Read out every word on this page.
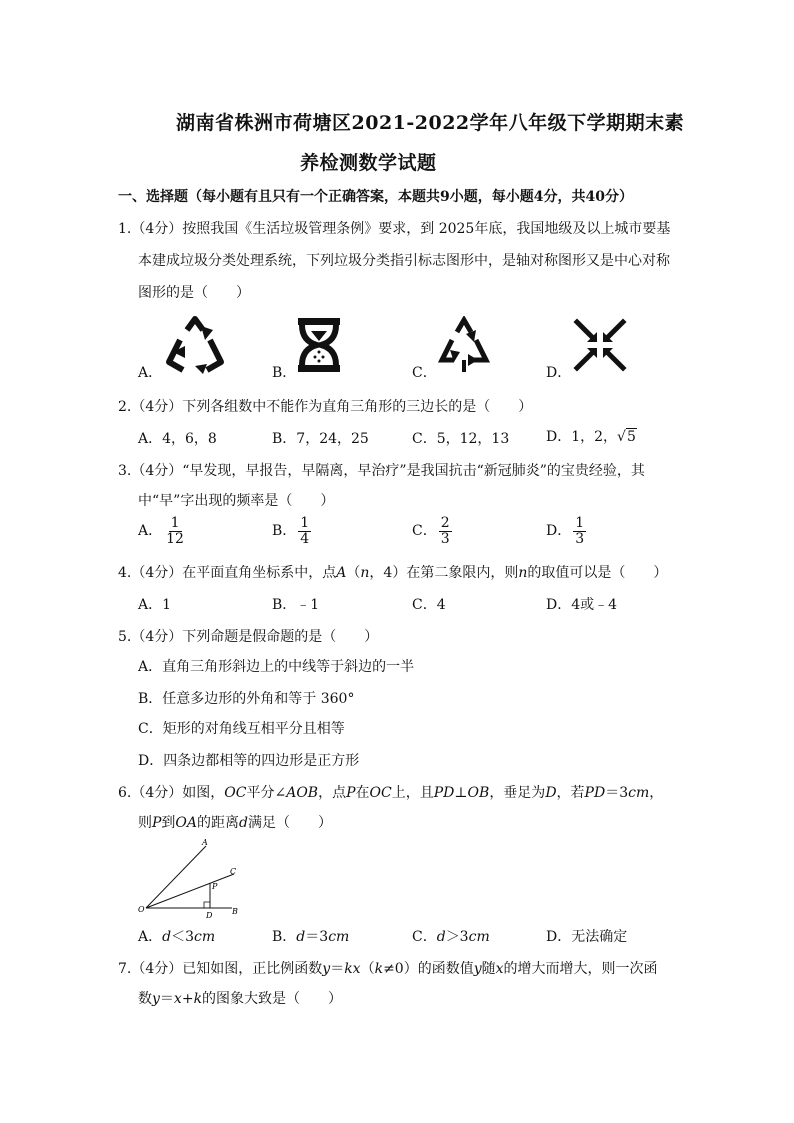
湖南省株洲市荷塘区2021-2022学年八年级下学期期末素
养检测数学试题
一、选择题（每小题有且只有一个正确答案，本题共9小题，每小题4分，共40分）
1.（4分）按照我国《生活垃圾管理条例》要求，到 2025年底，我国地级及以上城市要基
本建成垃圾分类处理系统，下列垃圾分类指引标志图形中，是轴对称图形又是中心对称
图形的是（　　）
A．	B．	C．	D．
2.（4分）下列各组数中不能作为直角三角形的三边长的是（　　）
A．4，6，8	B．7，24，25	C．5，12，13	D．1，2，√5
3.（4分）“早发现，早报告，早隔离，早治疗”是我国抗击“新冠肺炎”的宝贵经验，其
中“早”字出现的频率是（　　）
A． $\frac{1}{12}$	B． $\frac{1}{4}$	C． $\frac{2}{3}$	D． $\frac{1}{3}$
4.（4分）在平面直角坐标系中，点A（n，4）在第二象限内，则n的取值可以是（　　）
A．1	B．﹣1	C．4	D．4或﹣4
5.（4分）下列命题是假命题的是（　　）
A．直角三角形斜边上的中线等于斜边的一半
B．任意多边形的外角和等于 360°
C．矩形的对角线互相平分且相等
D．四条边都相等的四边形是正方形
6.（4分）如图，OC平分∠AOB，点P在OC上，且PD⊥OB，垂足为D，若PD＝3cm，
则P到OA的距离d满足（　　）
A
C
P
O
D B
A．d＜3cm	B．d＝3cm	C．d＞3cm	D．无法确定
7.（4分）已知如图，正比例函数y＝kx（k≠0）的函数值y随x的增大而增大，则一次函
数y＝x+k的图象大致是（　　）
